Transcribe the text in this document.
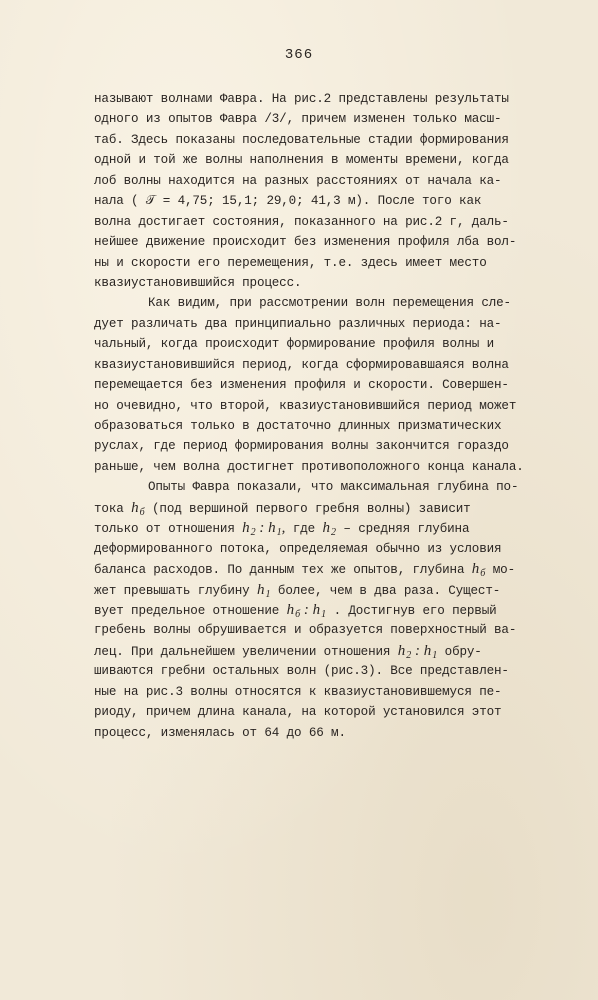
366
называют волнами Фавра. На рис.2 представлены результаты
одного из опытов Фавра /3/, причем изменен только масш-
таб. Здесь показаны последовательные стадии формирования
одной и той же волны наполнения в моменты времени, когда
лоб волны находится на разных расстояниях от начала ка-
нала ( 𝒯 = 4,75; 15,1; 29,0; 41,3 м). После того как
волна достигает состояния, показанного на рис.2 г, даль-
нейшее движение происходит без изменения профиля лба вол-
ны и скорости его перемещения, т.е. здесь имеет место
квазиустановившийся процесс.
Как видим, при рассмотрении волн перемещения сле-
дует различать два принципиально различных периода: на-
чальный, когда происходит формирование профиля волны и
квазиустановившийся период, когда сформировавшаяся волна
перемещается без изменения профиля и скорости. Совершен-
но очевидно, что второй, квазиустановившийся период может
образоваться только в достаточно длинных призматических
руслах, где период формирования волны закончится гораздо
раньше, чем волна достигнет противоположного конца канала.
Опыты Фавра показали, что максимальная глубина по-
тока $h_б$ (под вершиной первого гребня волны) зависит
только от отношения $h_2$ : $h_1$, где $h_2$ – средняя глубина
деформированного потока, определяемая обычно из условия
баланса расходов. По данным тех же опытов, глубина $h_б$ мо-
жет превышать глубину $h_1$ более, чем в два раза. Сущест-
вует предельное отношение $h_б$ : $h_1$ . Достигнув его первый
гребень волны обрушивается и образуется поверхностный ва-
лец. При дальнейшем увеличении отношения $h_2$ : $h_1$ обру-
шиваются гребни остальных волн (рис.3). Все представлен-
ные на рис.3 волны относятся к квазиустановившемуся пе-
риоду, причем длина канала, на которой установился этот
процесс, изменялась от 64 до 66 м.
